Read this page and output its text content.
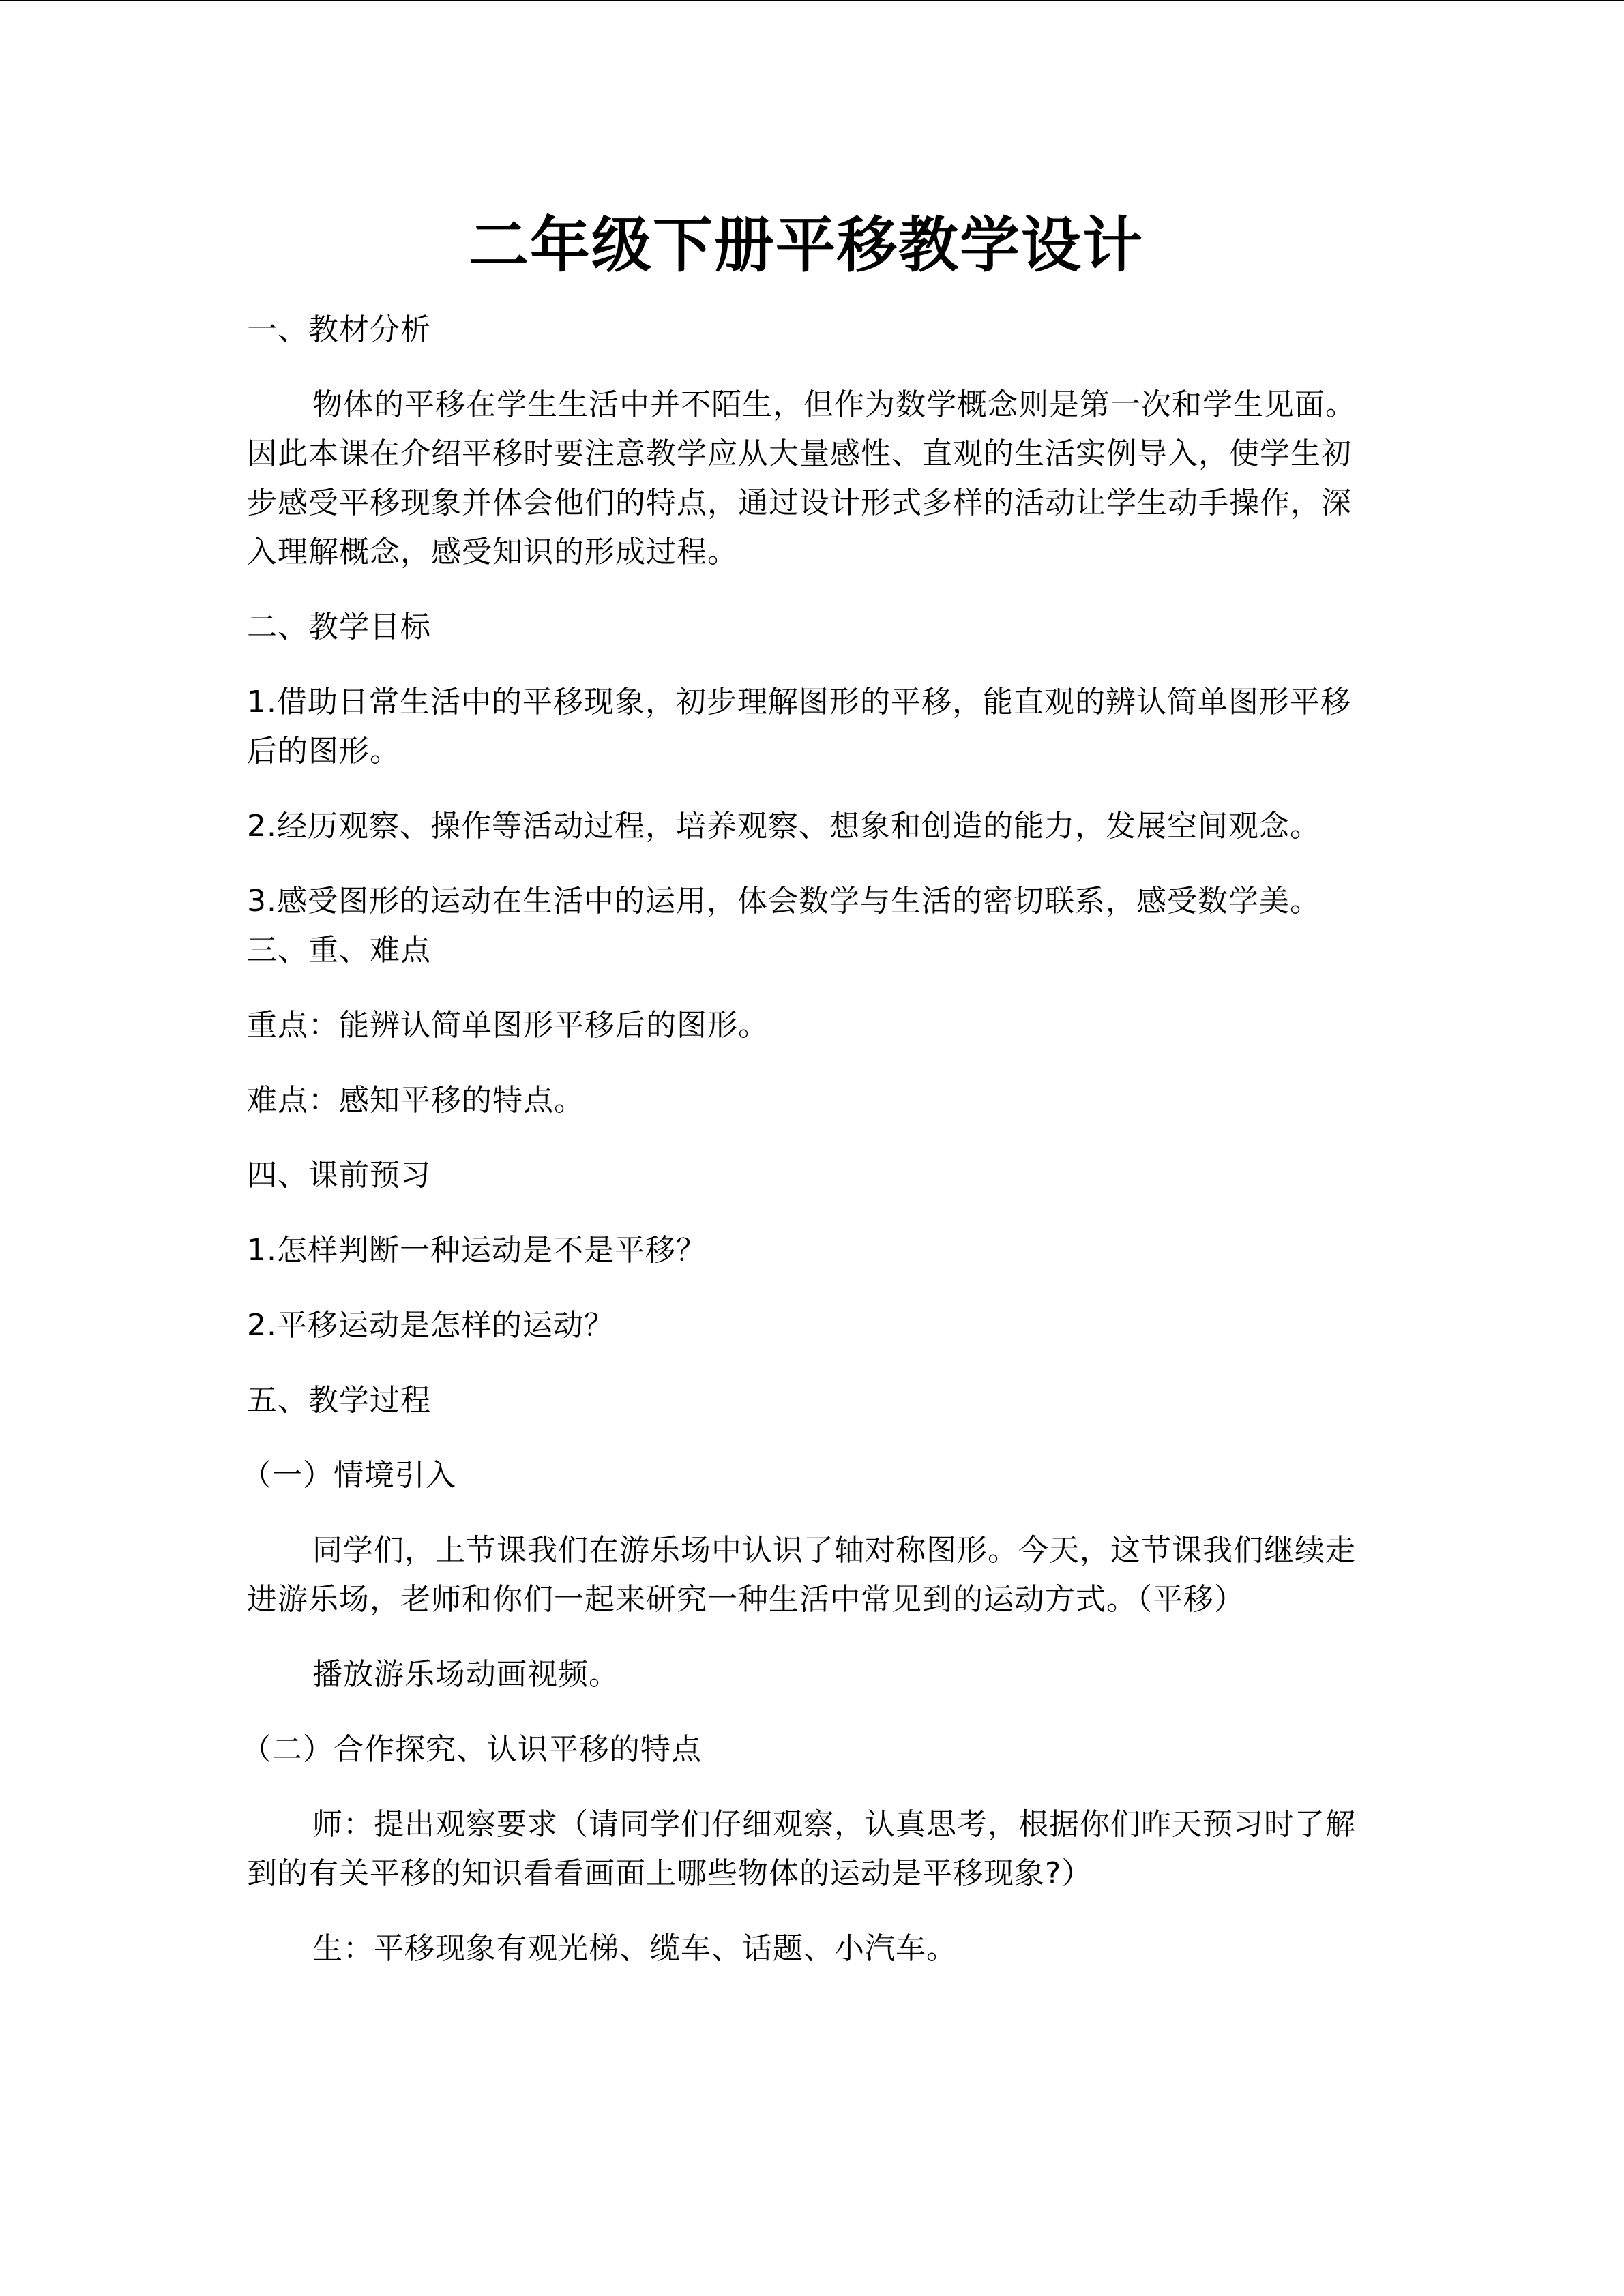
二年级下册平移教学设计

一、教材分析

物体的平移在学生生活中并不陌生，但作为数学概念则是第一次和学生见面。因此本课在介绍平移时要注意教学应从大量感性、直观的生活实例导入，使学生初步感受平移现象并体会他们的特点，通过设计形式多样的活动让学生动手操作，深入理解概念，感受知识的形成过程。

二、教学目标

1.借助日常生活中的平移现象，初步理解图形的平移，能直观的辨认简单图形平移后的图形。

2.经历观察、操作等活动过程，培养观察、想象和创造的能力，发展空间观念。

3.感受图形的运动在生活中的运用，体会数学与生活的密切联系，感受数学美。三、重、难点

重点：能辨认简单图形平移后的图形。

难点：感知平移的特点。

四、课前预习

1.怎样判断一种运动是不是平移？

2.平移运动是怎样的运动？

五、教学过程

（一）情境引入

同学们，上节课我们在游乐场中认识了轴对称图形。今天，这节课我们继续走进游乐场，老师和你们一起来研究一种生活中常见到的运动方式。（平移）

播放游乐场动画视频。

（二）合作探究、认识平移的特点

师：提出观察要求（请同学们仔细观察，认真思考，根据你们昨天预习时了解到的有关平移的知识看看画面上哪些物体的运动是平移现象?）

生：平移现象有观光梯、缆车、话题、小汽车。
